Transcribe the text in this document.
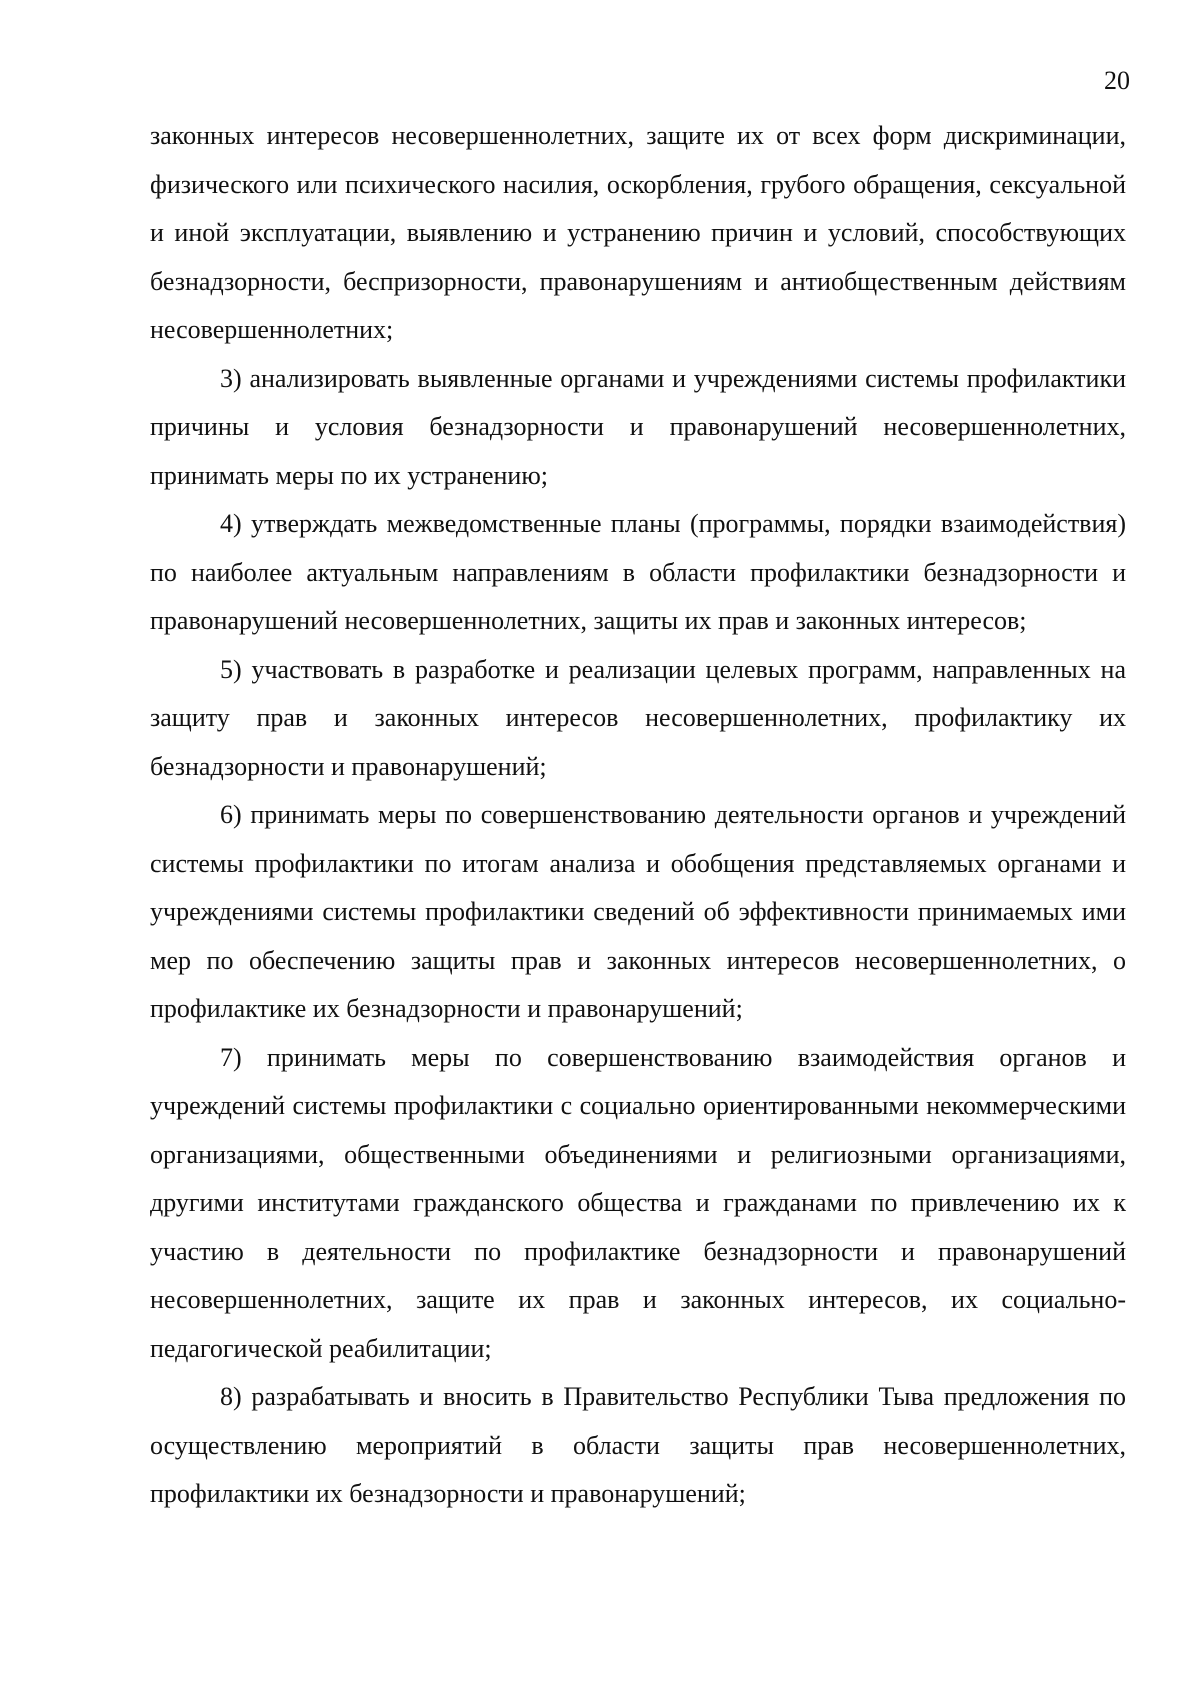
20

законных интересов несовершеннолетних, защите их от всех форм дискриминации, физического или психического насилия, оскорбления, грубого обращения, сексуальной и иной эксплуатации, выявлению и устранению причин и условий, способствующих безнадзорности, беспризорности, правонарушениям и антиобщественным действиям несовершеннолетних;

3) анализировать выявленные органами и учреждениями системы профилактики причины и условия безнадзорности и правонарушений несовершеннолетних, принимать меры по их устранению;

4) утверждать межведомственные планы (программы, порядки взаимодействия) по наиболее актуальным направлениям в области профилактики безнадзорности и правонарушений несовершеннолетних, защиты их прав и законных интересов;

5) участвовать в разработке и реализации целевых программ, направленных на защиту прав и законных интересов несовершеннолетних, профилактику их безнадзорности и правонарушений;

6) принимать меры по совершенствованию деятельности органов и учреждений системы профилактики по итогам анализа и обобщения представляемых органами и учреждениями системы профилактики сведений об эффективности принимаемых ими мер по обеспечению защиты прав и законных интересов несовершеннолетних, о профилактике их безнадзорности и правонарушений;

7) принимать меры по совершенствованию взаимодействия органов и учреждений системы профилактики с социально ориентированными некоммерческими организациями, общественными объединениями и религиозными организациями, другими институтами гражданского общества и гражданами по привлечению их к участию в деятельности по профилактике безнадзорности и правонарушений несовершеннолетних, защите их прав и законных интересов, их социально-педагогической реабилитации;

8) разрабатывать и вносить в Правительство Республики Тыва предложения по осуществлению мероприятий в области защиты прав несовершеннолетних, профилактики их безнадзорности и правонарушений;
